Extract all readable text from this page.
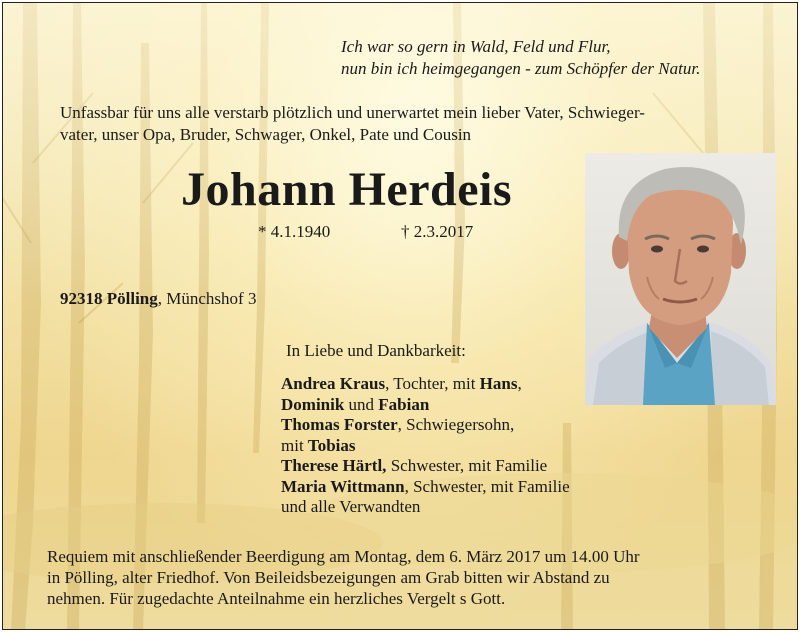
Ich war so gern in Wald, Feld und Flur,
nun bin ich heimgegangen - zum Schöpfer der Natur.
Unfassbar für uns alle verstarb plötzlich und unerwartet mein lieber Vater, Schwieger-
vater, unser Opa, Bruder, Schwager, Onkel, Pate und Cousin
Johann Herdeis
* 4.1.1940	† 2.3.2017
92318 Pölling, Münchshof 3
In Liebe und Dankbarkeit:
Andrea Kraus, Tochter, mit Hans,
Dominik und Fabian
Thomas Forster, Schwiegersohn,
mit Tobias
Therese Härtl, Schwester, mit Familie
Maria Wittmann, Schwester, mit Familie
und alle Verwandten
Requiem mit anschließender Beerdigung am Montag, dem 6. März 2017 um 14.00 Uhr
in Pölling, alter Friedhof. Von Beileidsbezeigungen am Grab bitten wir Abstand zu
nehmen. Für zugedachte Anteilnahme ein herzliches Vergelt s Gott.
